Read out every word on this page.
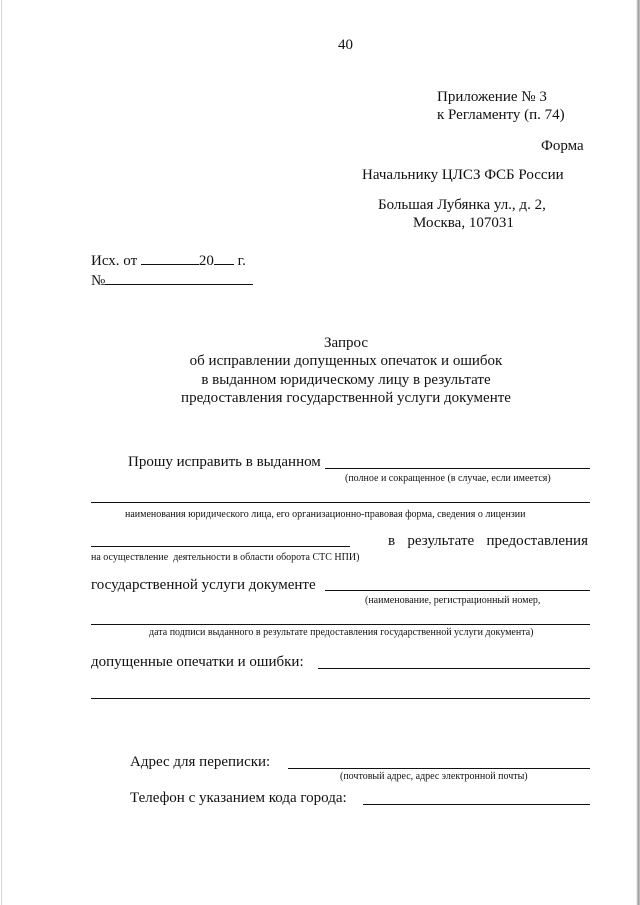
40
Приложение № 3
к Регламенту (п. 74)
Форма
Начальнику ЦЛСЗ ФСБ России
Большая Лубянка ул., д. 2,
Москва, 107031
Исх. от	20 г.
№
Запрос
об исправлении допущенных опечаток и ошибок
в выданном юридическому лицу в результате
предоставления государственной услуги документе
Прошу исправить в выданном
(полное и сокращенное (в случае, если имеется)
наименования юридического лица, его организационно-правовая форма, сведения о лицензии
в результате предоставления
на осуществление  деятельности в области оборота СТС НПИ)
государственной услуги документе
(наименование, регистрационный номер,
дата подписи выданного в результате предоставления государственной услуги документа)
допущенные опечатки и ошибки:
Адрес для переписки:
(почтовый адрес, адрес электронной почты)
Телефон с указанием кода города:
